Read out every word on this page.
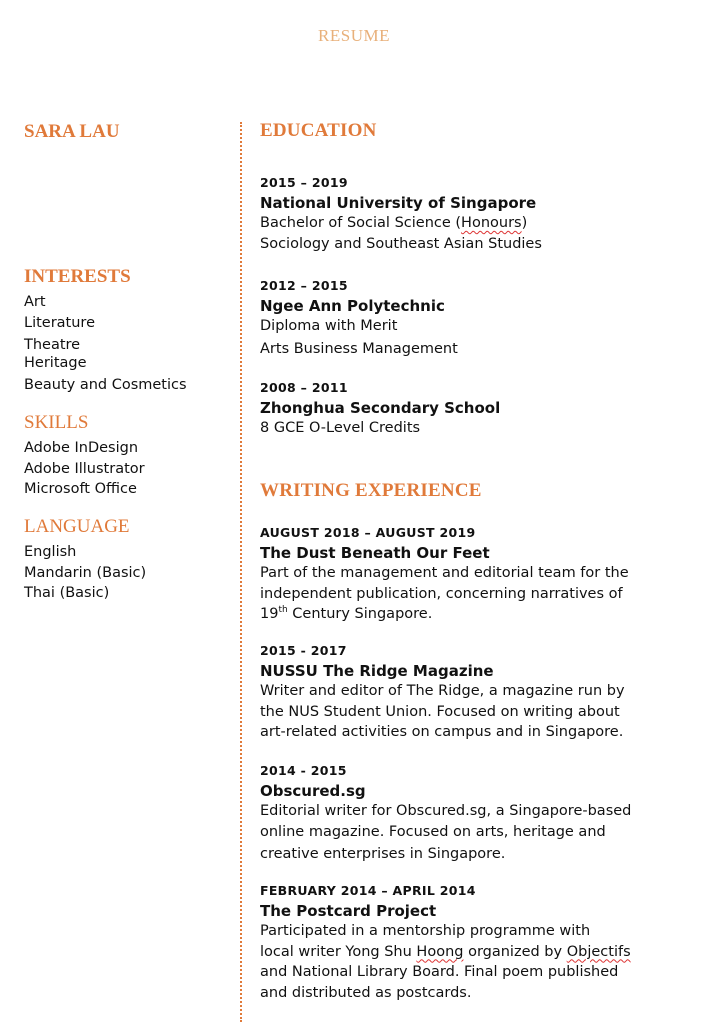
RESUME
SARA LAU
INTERESTS
Art
Literature
Theatre
Heritage
Beauty and Cosmetics
SKILLS
Adobe InDesign
Adobe Illustrator
Microsoft Office
LANGUAGE
English
Mandarin (Basic)
Thai (Basic)
EDUCATION
2015 – 2019
National University of Singapore
Bachelor of Social Science (Honours)
Sociology and Southeast Asian Studies
2012 – 2015
Ngee Ann Polytechnic
Diploma with Merit
Arts Business Management
2008 – 2011
Zhonghua Secondary School
8 GCE O-Level Credits
WRITING EXPERIENCE
AUGUST 2018 – AUGUST 2019
The Dust Beneath Our Feet
Part of the management and editorial team for the
independent publication, concerning narratives of
19th Century Singapore.
2015 - 2017
NUSSU The Ridge Magazine
Writer and editor of The Ridge, a magazine run by
the NUS Student Union. Focused on writing about
art-related activities on campus and in Singapore.
2014 - 2015
Obscured.sg
Editorial writer for Obscured.sg, a Singapore-based
online magazine. Focused on arts, heritage and
creative enterprises in Singapore.
FEBRUARY 2014 – APRIL 2014
The Postcard Project
Participated in a mentorship programme with
local writer Yong Shu Hoong organized by Objectifs
and National Library Board. Final poem published
and distributed as postcards.
